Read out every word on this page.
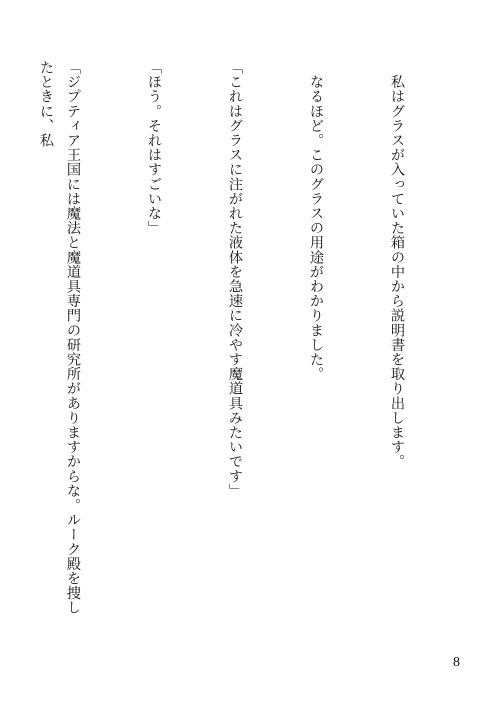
　私はグラスが入っていた箱の中から説明書を取り出します。

　なるほど。このグラスの用途がわかりました。

「これはグラスに注がれた液体を急速に冷やす魔道具みたいです」

「ほう。それはすごいな」

「ジプティア王国には魔法と魔道具専門の研究所がありますからな。ルーク殿を捜したときに、私

8
